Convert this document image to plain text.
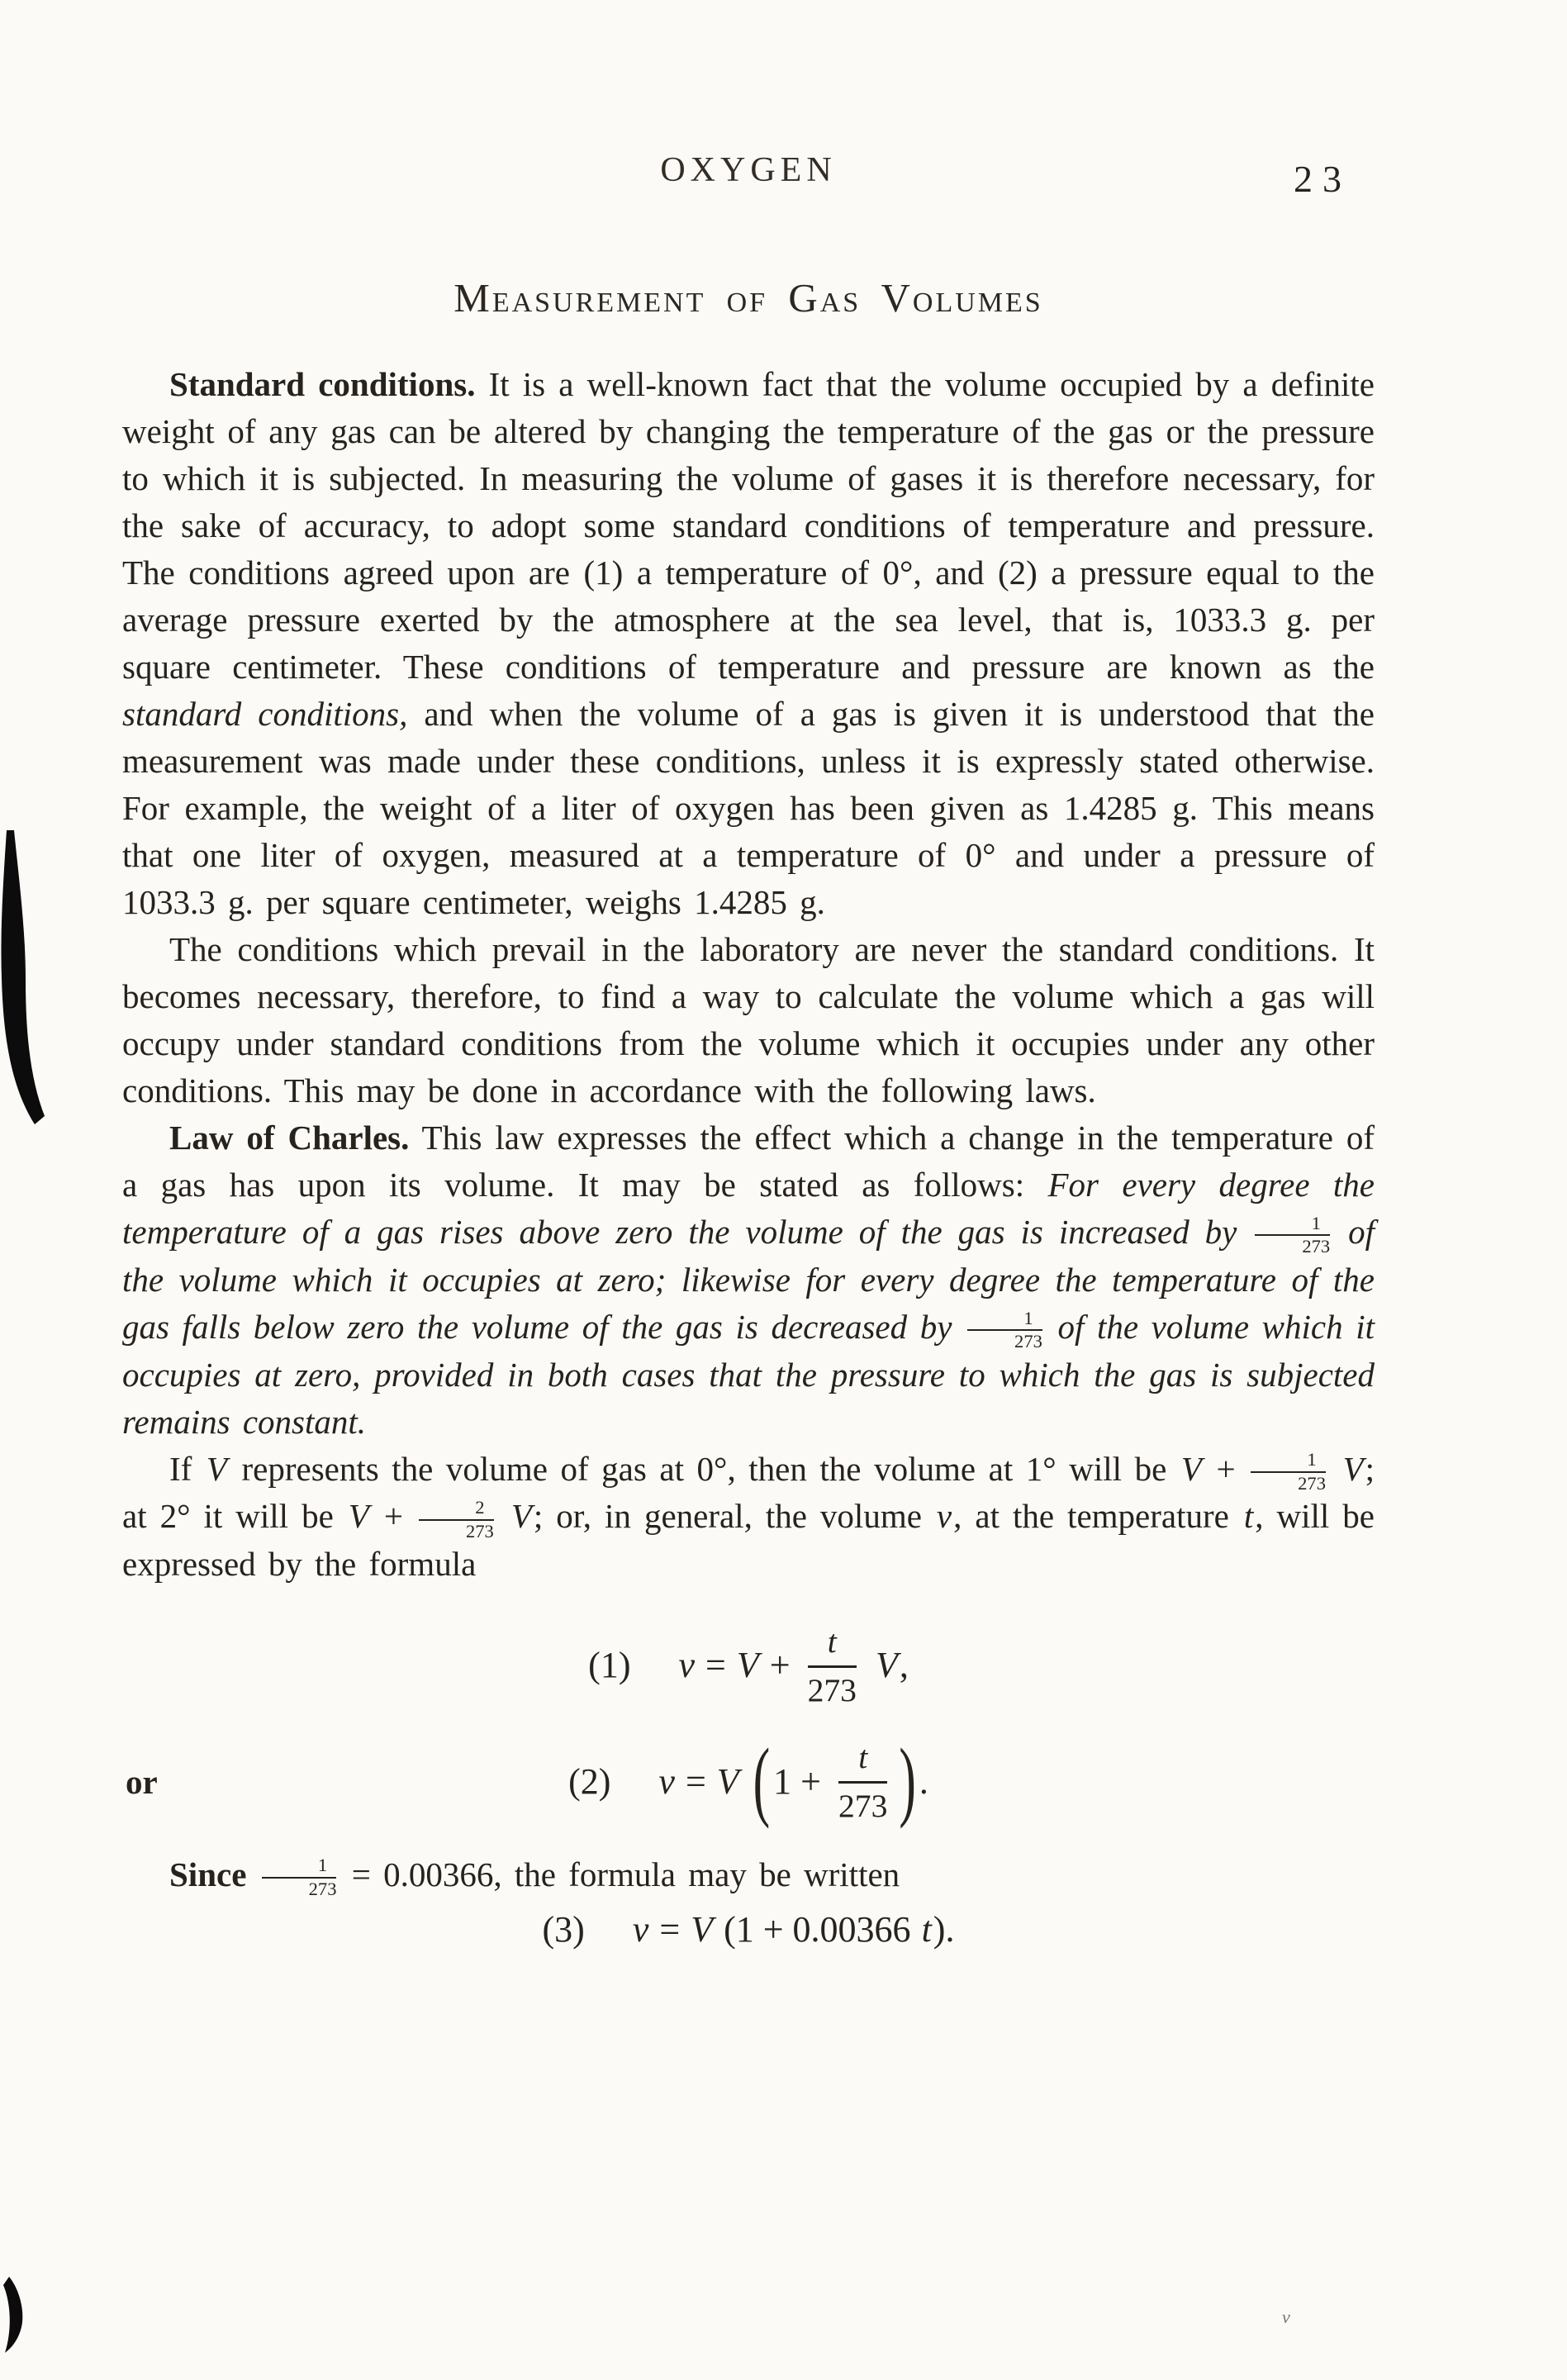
OXYGEN	23
Measurement of Gas Volumes

Standard conditions. It is a well-known fact that the volume occupied by a definite weight of any gas can be altered by changing the temperature of the gas or the pressure to which it is subjected. In measuring the volume of gases it is therefore necessary, for the sake of accuracy, to adopt some standard conditions of temperature and pressure. The conditions agreed upon are (1) a temperature of 0°, and (2) a pressure equal to the average pressure exerted by the atmosphere at the sea level, that is, 1033.3 g. per square centimeter. These conditions of temperature and pressure are known as the standard conditions, and when the volume of a gas is given it is understood that the measurement was made under these conditions, unless it is expressly stated otherwise. For example, the weight of a liter of oxygen has been given as 1.4285 g. This means that one liter of oxygen, measured at a temperature of 0° and under a pressure of 1033.3 g. per square centimeter, weighs 1.4285 g.

The conditions which prevail in the laboratory are never the standard conditions. It becomes necessary, therefore, to find a way to calculate the volume which a gas will occupy under standard conditions from the volume which it occupies under any other conditions. This may be done in accordance with the following laws.

Law of Charles. This law expresses the effect which a change in the temperature of a gas has upon its volume. It may be stated as follows: For every degree the temperature of a gas rises above zero the volume of the gas is increased by $\frac{1}{273}$ of the volume which it occupies at zero; likewise for every degree the temperature of the gas falls below zero the volume of the gas is decreased by $\frac{1}{273}$ of the volume which it occupies at zero, provided in both cases that the pressure to which the gas is subjected remains constant.

If V represents the volume of gas at 0°, then the volume at 1° will be $V + \frac{1}{273} V$; at 2° it will be $V + \frac{2}{273} V$; or, in general, the volume v, at the temperature t, will be expressed by the formula

(1) $v = V + \frac{t}{273}$
V ,
or	(2) v = V
( $1 + \frac{t}{273}$ ) .

Since $\frac{1}{273} = 0.00366$, the formula may be written

(3) v = V (1 + 0.00366 t ).
v
